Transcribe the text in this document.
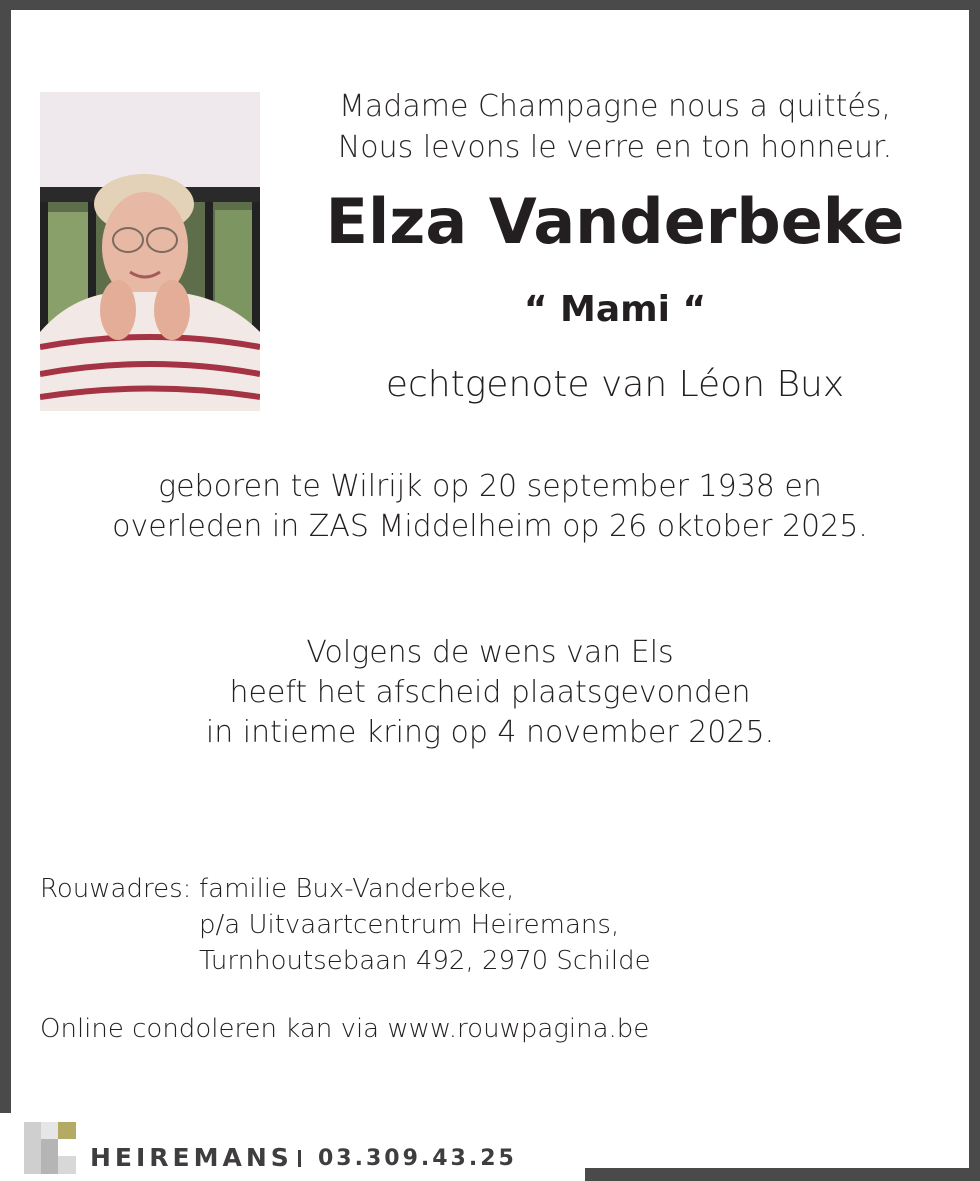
Madame Champagne nous a quittés,
Nous levons le verre en ton honneur.
Elza Vanderbeke
“ Mami “
echtgenote van Léon Bux
geboren te Wilrijk op 20 september 1938 en
overleden in ZAS Middelheim op 26 oktober 2025.
Volgens de wens van Els
heeft het afscheid plaatsgevonden
in intieme kring op 4 november 2025.
Rouwadres: familie Bux-Vanderbeke,
p/a Uitvaartcentrum Heiremans,
Turnhoutsebaan 492, 2970 Schilde
Online condoleren kan via www.rouwpagina.be
HEIREMANS 03.309.43.25
